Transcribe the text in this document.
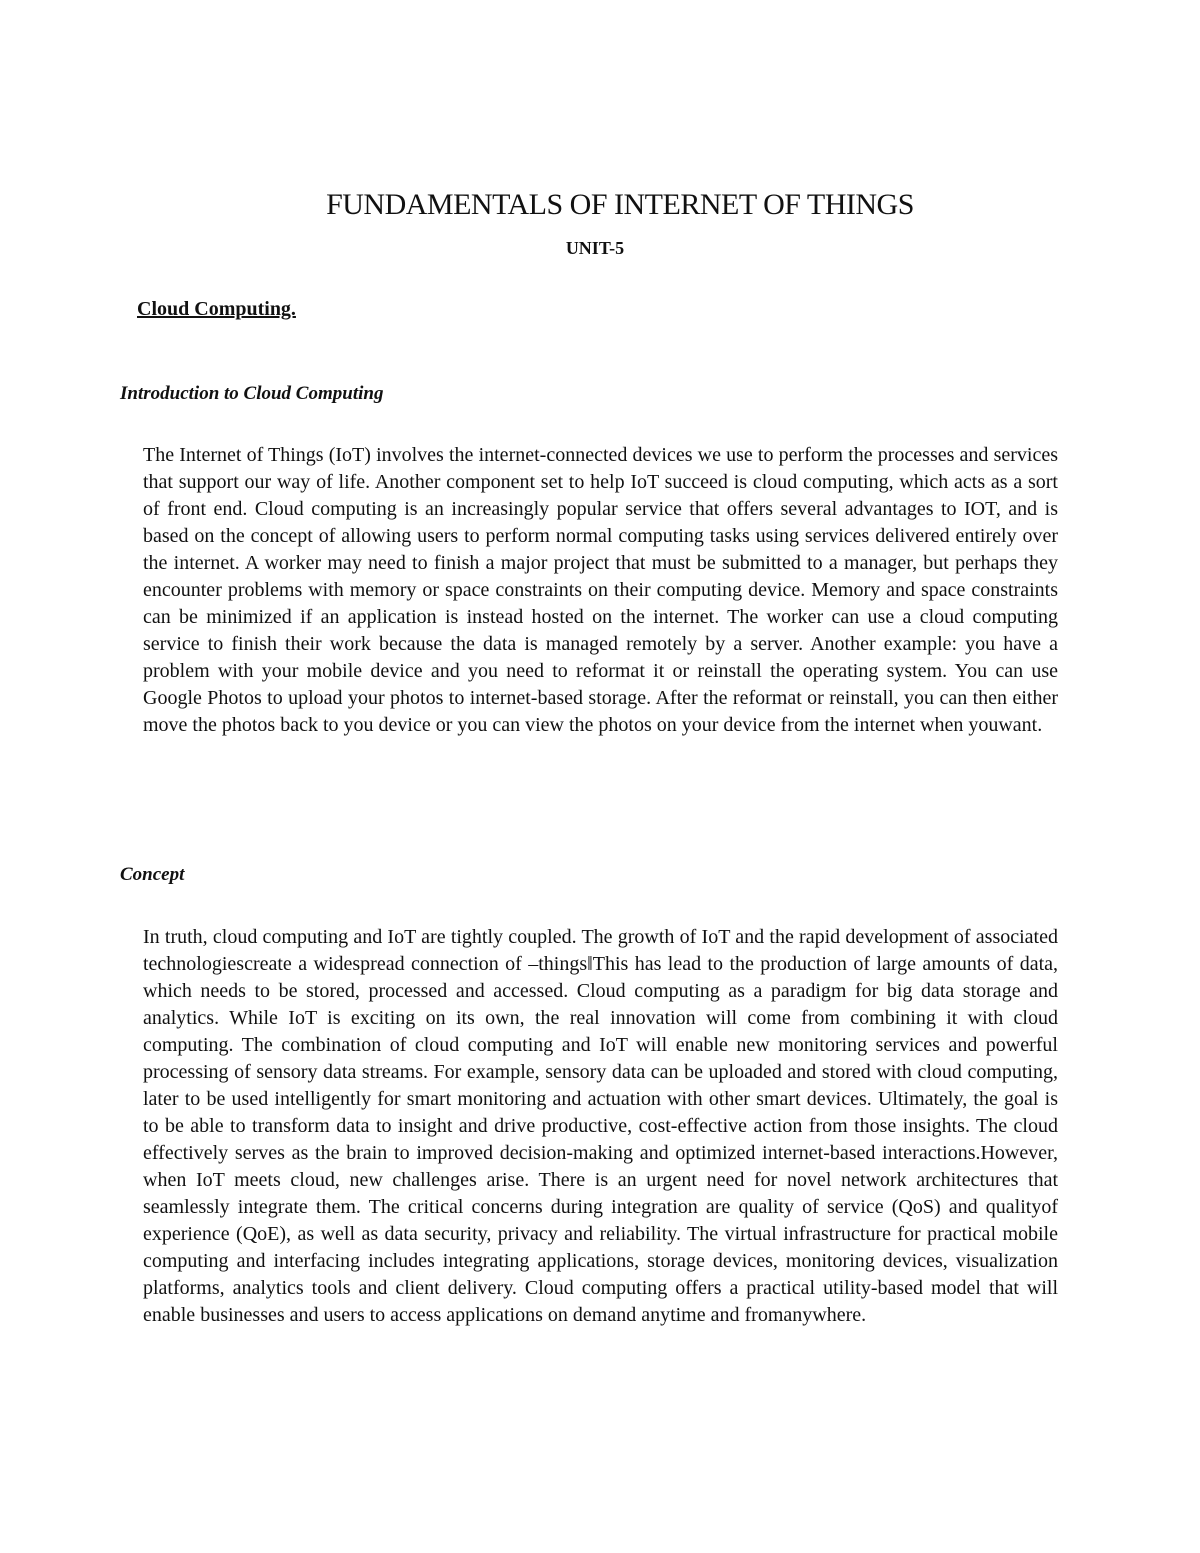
FUNDAMENTALS OF INTERNET OF THINGS
UNIT-5
Cloud Computing.
Introduction to Cloud Computing

The Internet of Things (IoT) involves the internet-connected devices we use to perform the processes and services that support our way of life. Another component set to help IoT succeed is cloud computing, which acts as a sort of front end. Cloud computing is an increasingly popular service that offers several advantages to IOT, and is based on the concept of allowing users to perform normal computing tasks using services delivered entirely over the internet. A worker may need to finish a major project that must be submitted to a manager, but perhaps they encounter problems with memory or space constraints on their computing device. Memory and space constraints can be minimized if an application is instead hosted on the internet. The worker can use a cloud computing service to finish their work because the data is managed remotely by a server. Another example: you have a problem with your mobile device and you need to reformat it or reinstall the operating system. You can use Google Photos to upload your photos to internet-based storage. After the reformat or reinstall, you can then either move the photos back to you device or you can view the photos on your device from the internet when youwant.

Concept

In truth, cloud computing and IoT are tightly coupled. The growth of IoT and the rapid development of associated technologiescreate a widespread connection of –things‖This has lead to the production of large amounts of data, which needs to be stored, processed and accessed. Cloud computing as a paradigm for big data storage and analytics. While IoT is exciting on its own, the real innovation will come from combining it with cloud computing. The combination of cloud computing and IoT will enable new monitoring services and powerful processing of sensory data streams. For example, sensory data can be uploaded and stored with cloud computing, later to be used intelligently for smart monitoring and actuation with other smart devices. Ultimately, the goal is to be able to transform data to insight and drive productive, cost-effective action from those insights. The cloud effectively serves as the brain to improved decision-making and optimized internet-based interactions.However, when IoT meets cloud, new challenges arise. There is an urgent need for novel network architectures that seamlessly integrate them. The critical concerns during integration are quality of service (QoS) and qualityof experience (QoE), as well as data security, privacy and reliability. The virtual infrastructure for practical mobile computing and interfacing includes integrating applications, storage devices, monitoring devices, visualization platforms, analytics tools and client delivery. Cloud computing offers a practical utility-based model that will enable businesses and users to access applications on demand anytime and fromanywhere.
